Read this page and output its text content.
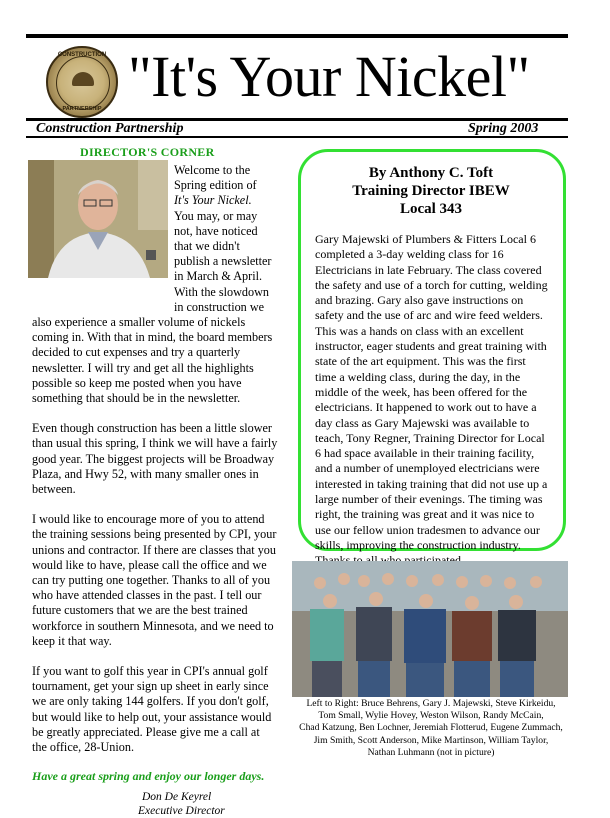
CONSTRUCTION
PARTNERSHIP "It's Your Nickel"
Construction Partnership	Spring 2003
DIRECTOR'S CORNER
Welcome to the
Spring edition of
It's Your Nickel.
You may, or may
not, have noticed
that we didn't
publish a newsletter
in March & April.
With the slowdown
in construction we
also experience a smaller volume of nickels
coming in. With that in mind, the board members
decided to cut expenses and try a quarterly
newsletter. I will try and get all the highlights
possible so keep me posted when you have
something that should be in the newsletter.
Even though construction has been a little slower
than usual this spring, I think we will have a fairly
good year. The biggest projects will be Broadway
Plaza, and Hwy 52, with many smaller ones in
between.
I would like to encourage more of you to attend
the training sessions being presented by CPI, your
unions and contractor. If there are classes that you
would like to have, please call the office and we
can try putting one together. Thanks to all of you
who have attended classes in the past. I tell our
future customers that we are the best trained
workforce in southern Minnesota, and we need to
keep it that way.
If you want to golf this year in CPI's annual golf
tournament, get your sign up sheet in early since
we are only taking 144 golfers. If you don't golf,
but would like to help out, your assistance would
be greatly appreciated. Please give me a call at
the office, 28-Union.
Have a great spring and enjoy our longer days.
Don De Keyrel
Executive Director
By Anthony C. Toft
Training Director IBEW
Local 343
Gary Majewski of Plumbers & Fitters Local 6
completed a 3-day welding class for 16
Electricians in late February. The class covered
the safety and use of a torch for cutting, welding
and brazing. Gary also gave instructions on
safety and the use of arc and wire feed welders.
This was a hands on class with an excellent
instructor, eager students and great training with
state of the art equipment. This was the first
time a welding class, during the day, in the
middle of the week, has been offered for the
electricians. It happened to work out to have a
day class as Gary Majewski was available to
teach, Tony Regner, Training Director for Local
6 had space available in their training facility,
and a number of unemployed electricians were
interested in taking training that did not use up a
large number of their evenings. The timing was
right, the training was great and it was nice to
use our fellow union tradesmen to advance our
skills, improving the construction industry.
Left to Right: Bruce Behrens, Gary J. Majewski, Steve Kirkeidu,
Tom Small, Wylie Hovey, Weston Wilson, Randy McCain,
Chad Katzung, Ben Lochner, Jeremiah Flotterud, Eugene Zummach,
Jim Smith, Scott Anderson, Mike Martinson, William Taylor,
Nathan Luhmann (not in picture)
